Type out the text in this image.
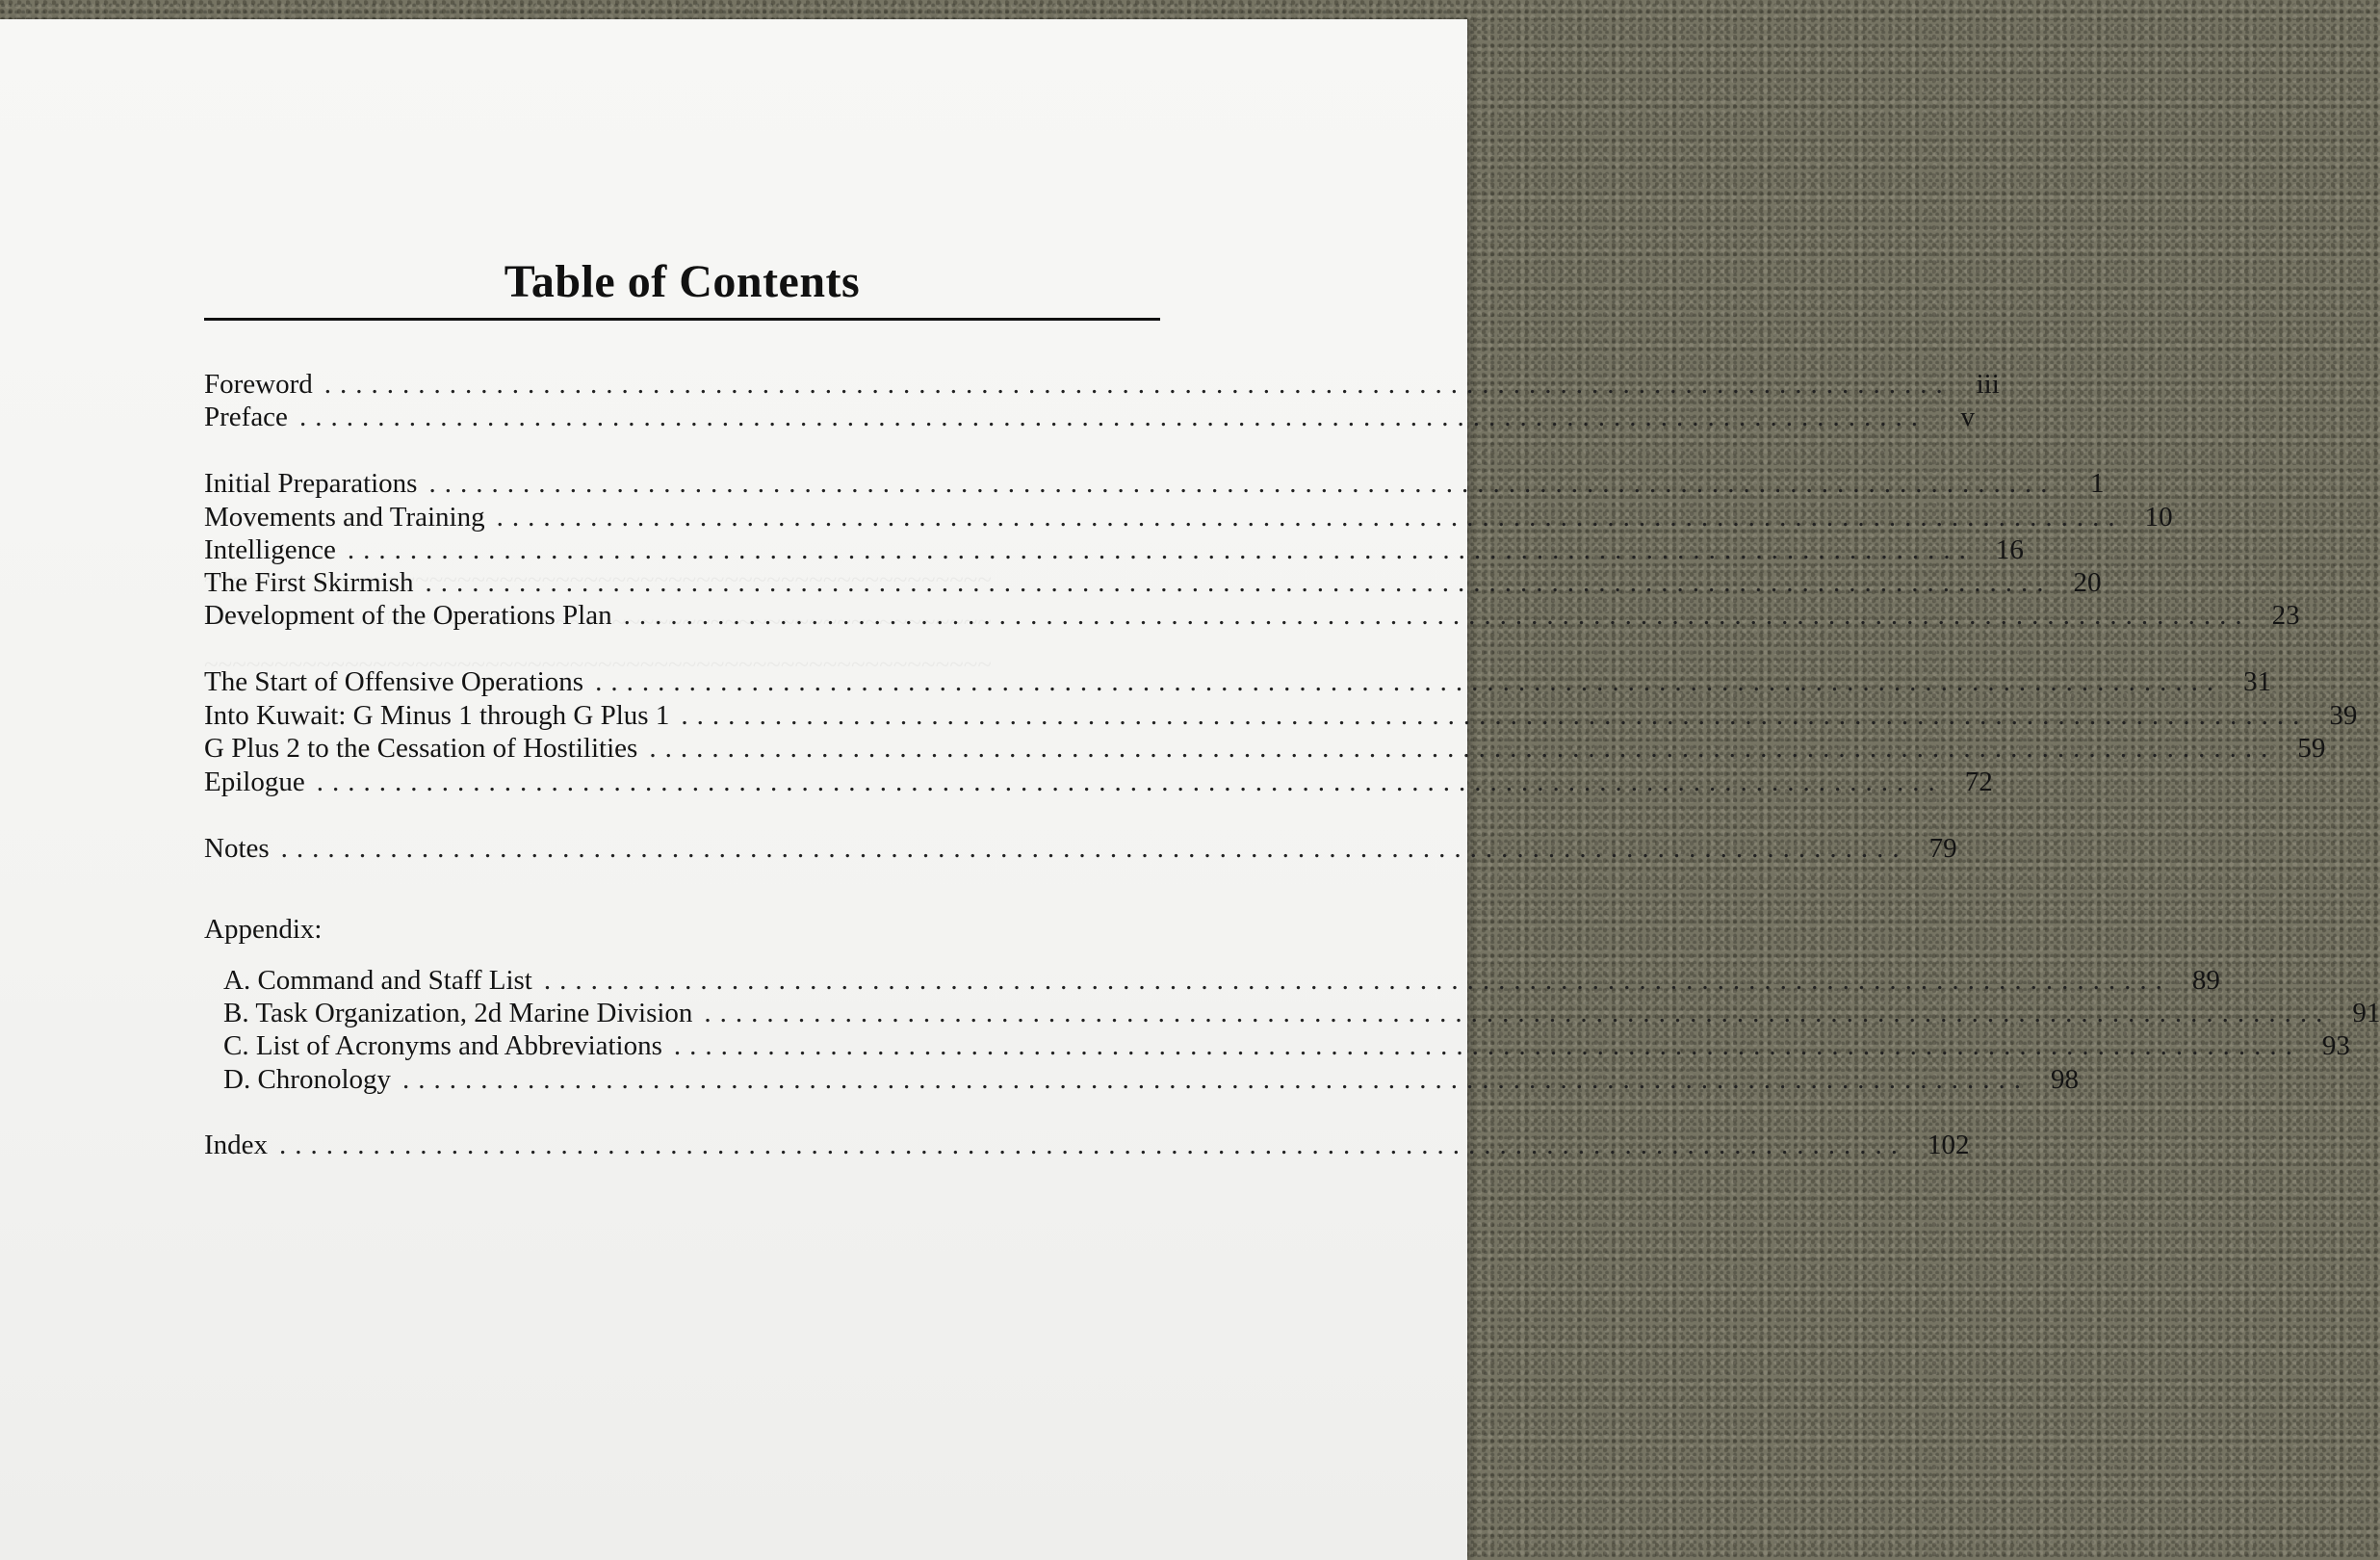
Table of Contents
Foreword ........................................................................................................ iii
Preface ........................................................................................................	v
Initial Preparations ........................................................................................................	1
Movements and Training ........................................................................................................ 10
Intelligence ........................................................................................................ 16
The First Skirmish ........................................................................................................ 20
Development of the Operations Plan ........................................................................................................ 23
The Start of Offensive Operations ........................................................................................................ 31
Into Kuwait: G Minus 1 through G Plus 1 ........................................................................................................ 39
G Plus 2 to the Cessation of Hostilities ........................................................................................................ 59
Epilogue ........................................................................................................ 72
Notes ........................................................................................................ 79
Appendix:
A. Command and Staff List ........................................................................................................ 89
B. Task Organization, 2d Marine Division ........................................................................................................ 91
C. List of Acronyms and Abbreviations ........................................................................................................ 93
D. Chronology ........................................................................................................ 98
Index ........................................................................................................ 102
